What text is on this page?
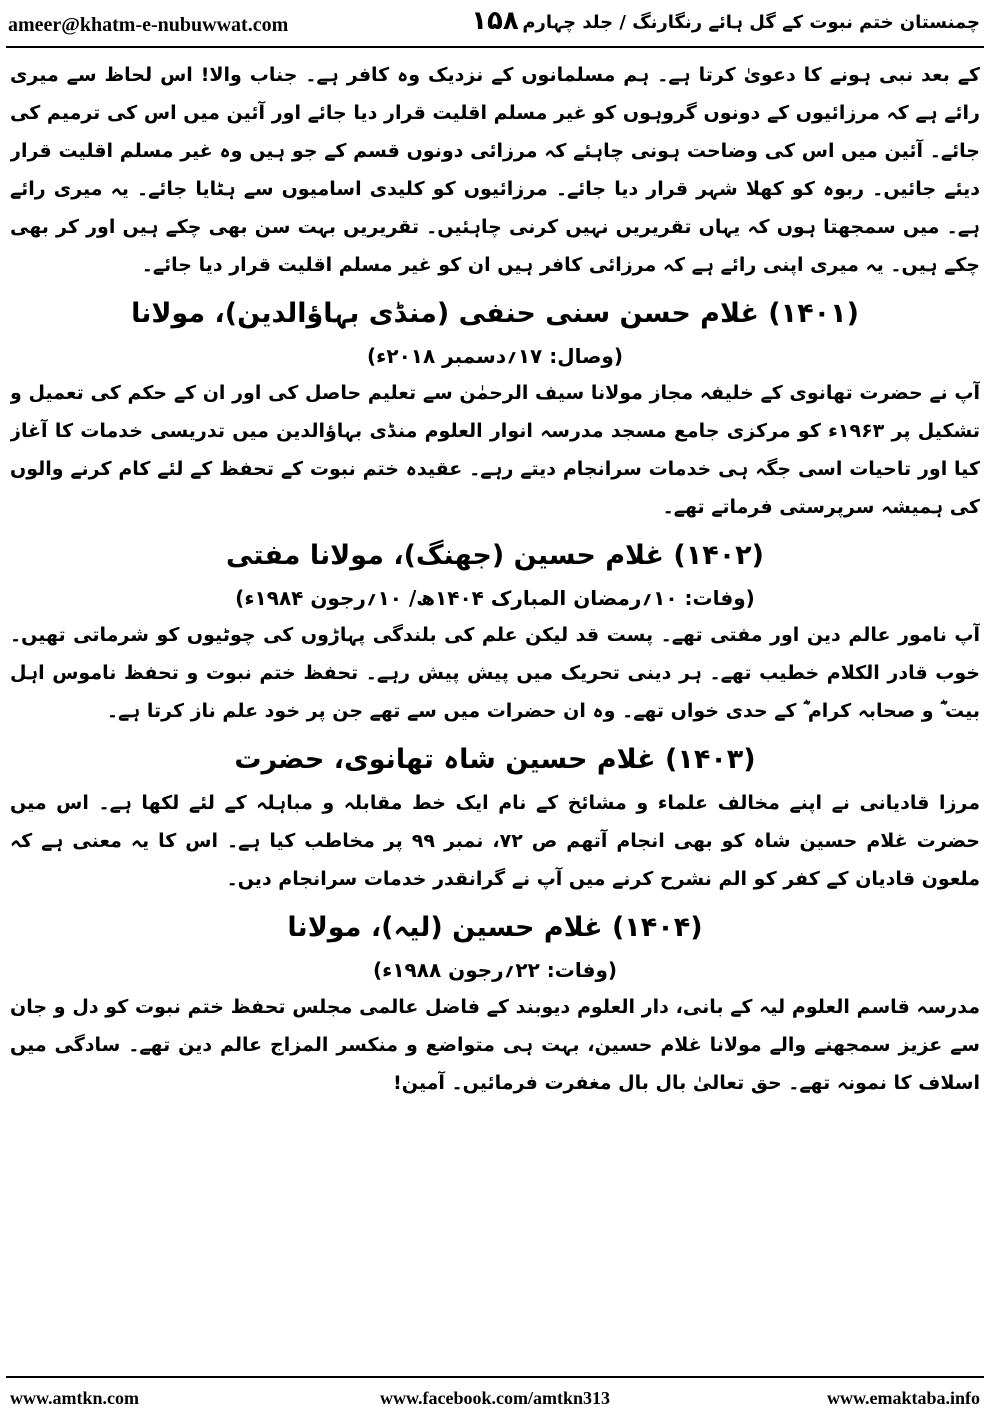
ameer@khatm-e-nubuwwat.com	۱۵۸ چمنستان ختم نبوت کے گل ہائے رنگارنگ / جلد چہارم

کے بعد نبی ہونے کا دعویٰ کرتا ہے۔ ہم مسلمانوں کے نزدیک وہ کافر ہے۔ جناب والا! اس لحاظ سے میری رائے ہے کہ مرزائیوں کے دونوں گروہوں کو غیر مسلم اقلیت قرار دیا جائے اور آئین میں اس کی ترمیم کی جائے۔ آئین میں اس کی وضاحت ہونی چاہئے کہ مرزائی دونوں قسم کے جو ہیں وہ غیر مسلم اقلیت قرار دیئے جائیں۔ ربوہ کو کھلا شہر قرار دیا جائے۔ مرزائیوں کو کلیدی اسامیوں سے ہٹایا جائے۔ یہ میری رائے ہے۔ میں سمجھتا ہوں کہ یہاں تقریریں نہیں کرنی چاہئیں۔ تقریریں بہت سن بھی چکے ہیں اور کر بھی چکے ہیں۔ یہ میری اپنی رائے ہے کہ مرزائی کافر ہیں ان کو غیر مسلم اقلیت قرار دیا جائے۔

(۱۴۰۱) غلام حسن سنی حنفی (منڈی بہاؤالدین)، مولانا
(وصال: ۱۷؍دسمبر ۲۰۱۸ء)

آپ نے حضرت تھانوی کے خلیفہ مجاز مولانا سیف الرحمٰن سے تعلیم حاصل کی اور ان کے حکم کی تعمیل و تشکیل پر ۱۹۶۳ء کو مرکزی جامع مسجد مدرسہ انوار العلوم منڈی بہاؤالدین میں تدریسی خدمات کا آغاز کیا اور تاحیات اسی جگہ ہی خدمات سرانجام دیتے رہے۔ عقیدہ ختم نبوت کے تحفظ کے لئے کام کرنے والوں کی ہمیشہ سرپرستی فرماتے تھے۔

(۱۴۰۲) غلام حسین (جھنگ)، مولانا مفتی
(وفات: ۱۰؍رمضان المبارک ۱۴۰۴ھ/ ۱۰؍رجون ۱۹۸۴ء)

آپ نامور عالم دین اور مفتی تھے۔ پست قد لیکن علم کی بلندگی پہاڑوں کی چوٹیوں کو شرماتی تھیں۔ خوب قادر الکلام خطیب تھے۔ ہر دینی تحریک میں پیش پیش رہے۔ تحفظ ختم نبوت و تحفظ ناموس اہل بیت ؓ و صحابہ کرام ؓ کے حدی خواں تھے۔ وہ ان حضرات میں سے تھے جن پر خود علم ناز کرتا ہے۔

(۱۴۰۳) غلام حسین شاہ تھانوی، حضرت

مرزا قادیانی نے اپنے مخالف علماء و مشائخ کے نام ایک خط مقابلہ و مباہلہ کے لئے لکھا ہے۔ اس میں حضرت غلام حسین شاہ کو بھی انجام آتھم ص ۷۲، نمبر ۹۹ پر مخاطب کیا ہے۔ اس کا یہ معنی ہے کہ ملعون قادیان کے کفر کو الم نشرح کرنے میں آپ نے گرانقدر خدمات سرانجام دیں۔

(۱۴۰۴) غلام حسین (لیہ)، مولانا
(وفات: ۲۲؍رجون ۱۹۸۸ء)

مدرسہ قاسم العلوم لیہ کے بانی، دار العلوم دیوبند کے فاضل عالمی مجلس تحفظ ختم نبوت کو دل و جان سے عزیز سمجھنے والے مولانا غلام حسین، بہت ہی متواضع و منکسر المزاج عالم دین تھے۔ سادگی میں اسلاف کا نمونہ تھے۔ حق تعالیٰ بال بال مغفرت فرمائیں۔ آمین!

www.amtkn.com	www.facebook.com/amtkn313	www.emaktaba.info
